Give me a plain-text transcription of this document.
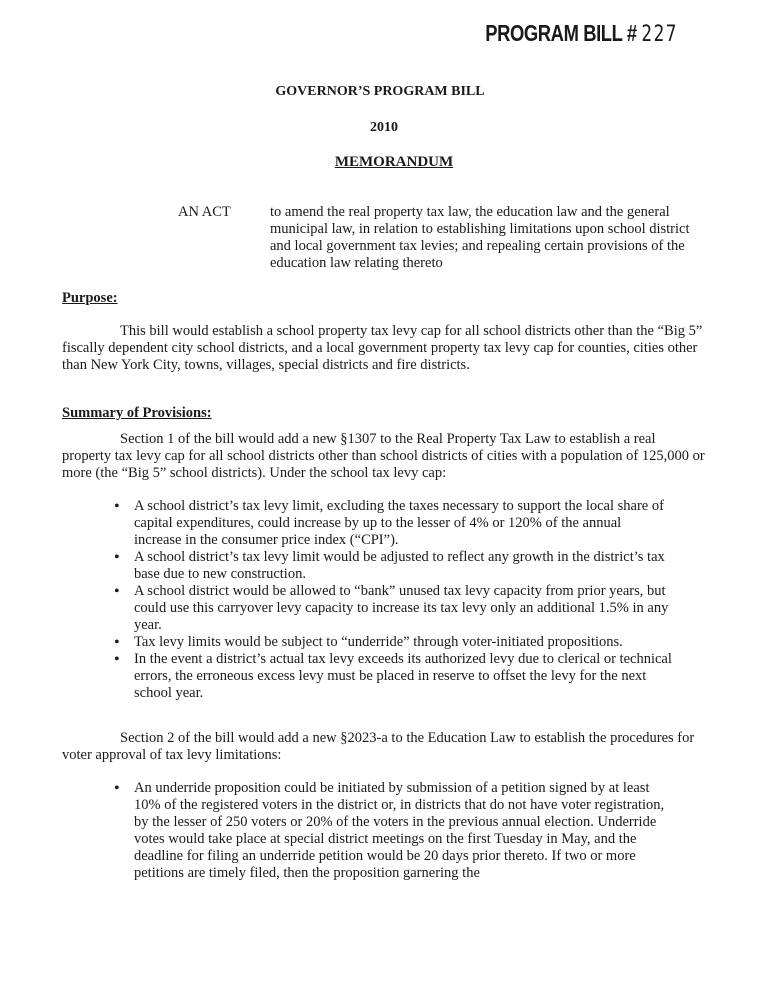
PROGRAM BILL # 227
GOVERNOR’S PROGRAM BILL
2010
MEMORANDUM
AN ACT	to amend the real property tax law, the education law and the general municipal law, in relation to establishing limitations upon school district and local government tax levies; and repealing certain provisions of the education law relating thereto
Purpose:
This bill would establish a school property tax levy cap for all school districts other than the “Big 5” fiscally dependent city school districts, and a local government property tax levy cap for counties, cities other than New York City, towns, villages, special districts and fire districts.
Summary of Provisions:
Section 1 of the bill would add a new §1307 to the Real Property Tax Law to establish a real property tax levy cap for all school districts other than school districts of cities with a population of 125,000 or more (the “Big 5” school districts). Under the school tax levy cap:
• A school district’s tax levy limit, excluding the taxes necessary to support the local share of capital expenditures, could increase by up to the lesser of 4% or 120% of the annual increase in the consumer price index (“CPI”).
• A school district’s tax levy limit would be adjusted to reflect any growth in the district’s tax base due to new construction.
• A school district would be allowed to “bank” unused tax levy capacity from prior years, but could use this carryover levy capacity to increase its tax levy only an additional 1.5% in any year.
• Tax levy limits would be subject to “underride” through voter-initiated propositions.
• In the event a district’s actual tax levy exceeds its authorized levy due to clerical or technical errors, the erroneous excess levy must be placed in reserve to offset the levy for the next school year.
Section 2 of the bill would add a new §2023-a to the Education Law to establish the procedures for voter approval of tax levy limitations:
• An underride proposition could be initiated by submission of a petition signed by at least 10% of the registered voters in the district or, in districts that do not have voter registration, by the lesser of 250 voters or 20% of the voters in the previous annual election. Underride votes would take place at special district meetings on the first Tuesday in May, and the deadline for filing an underride petition would be 20 days prior thereto. If two or more petitions are timely filed, then the proposition garnering the
